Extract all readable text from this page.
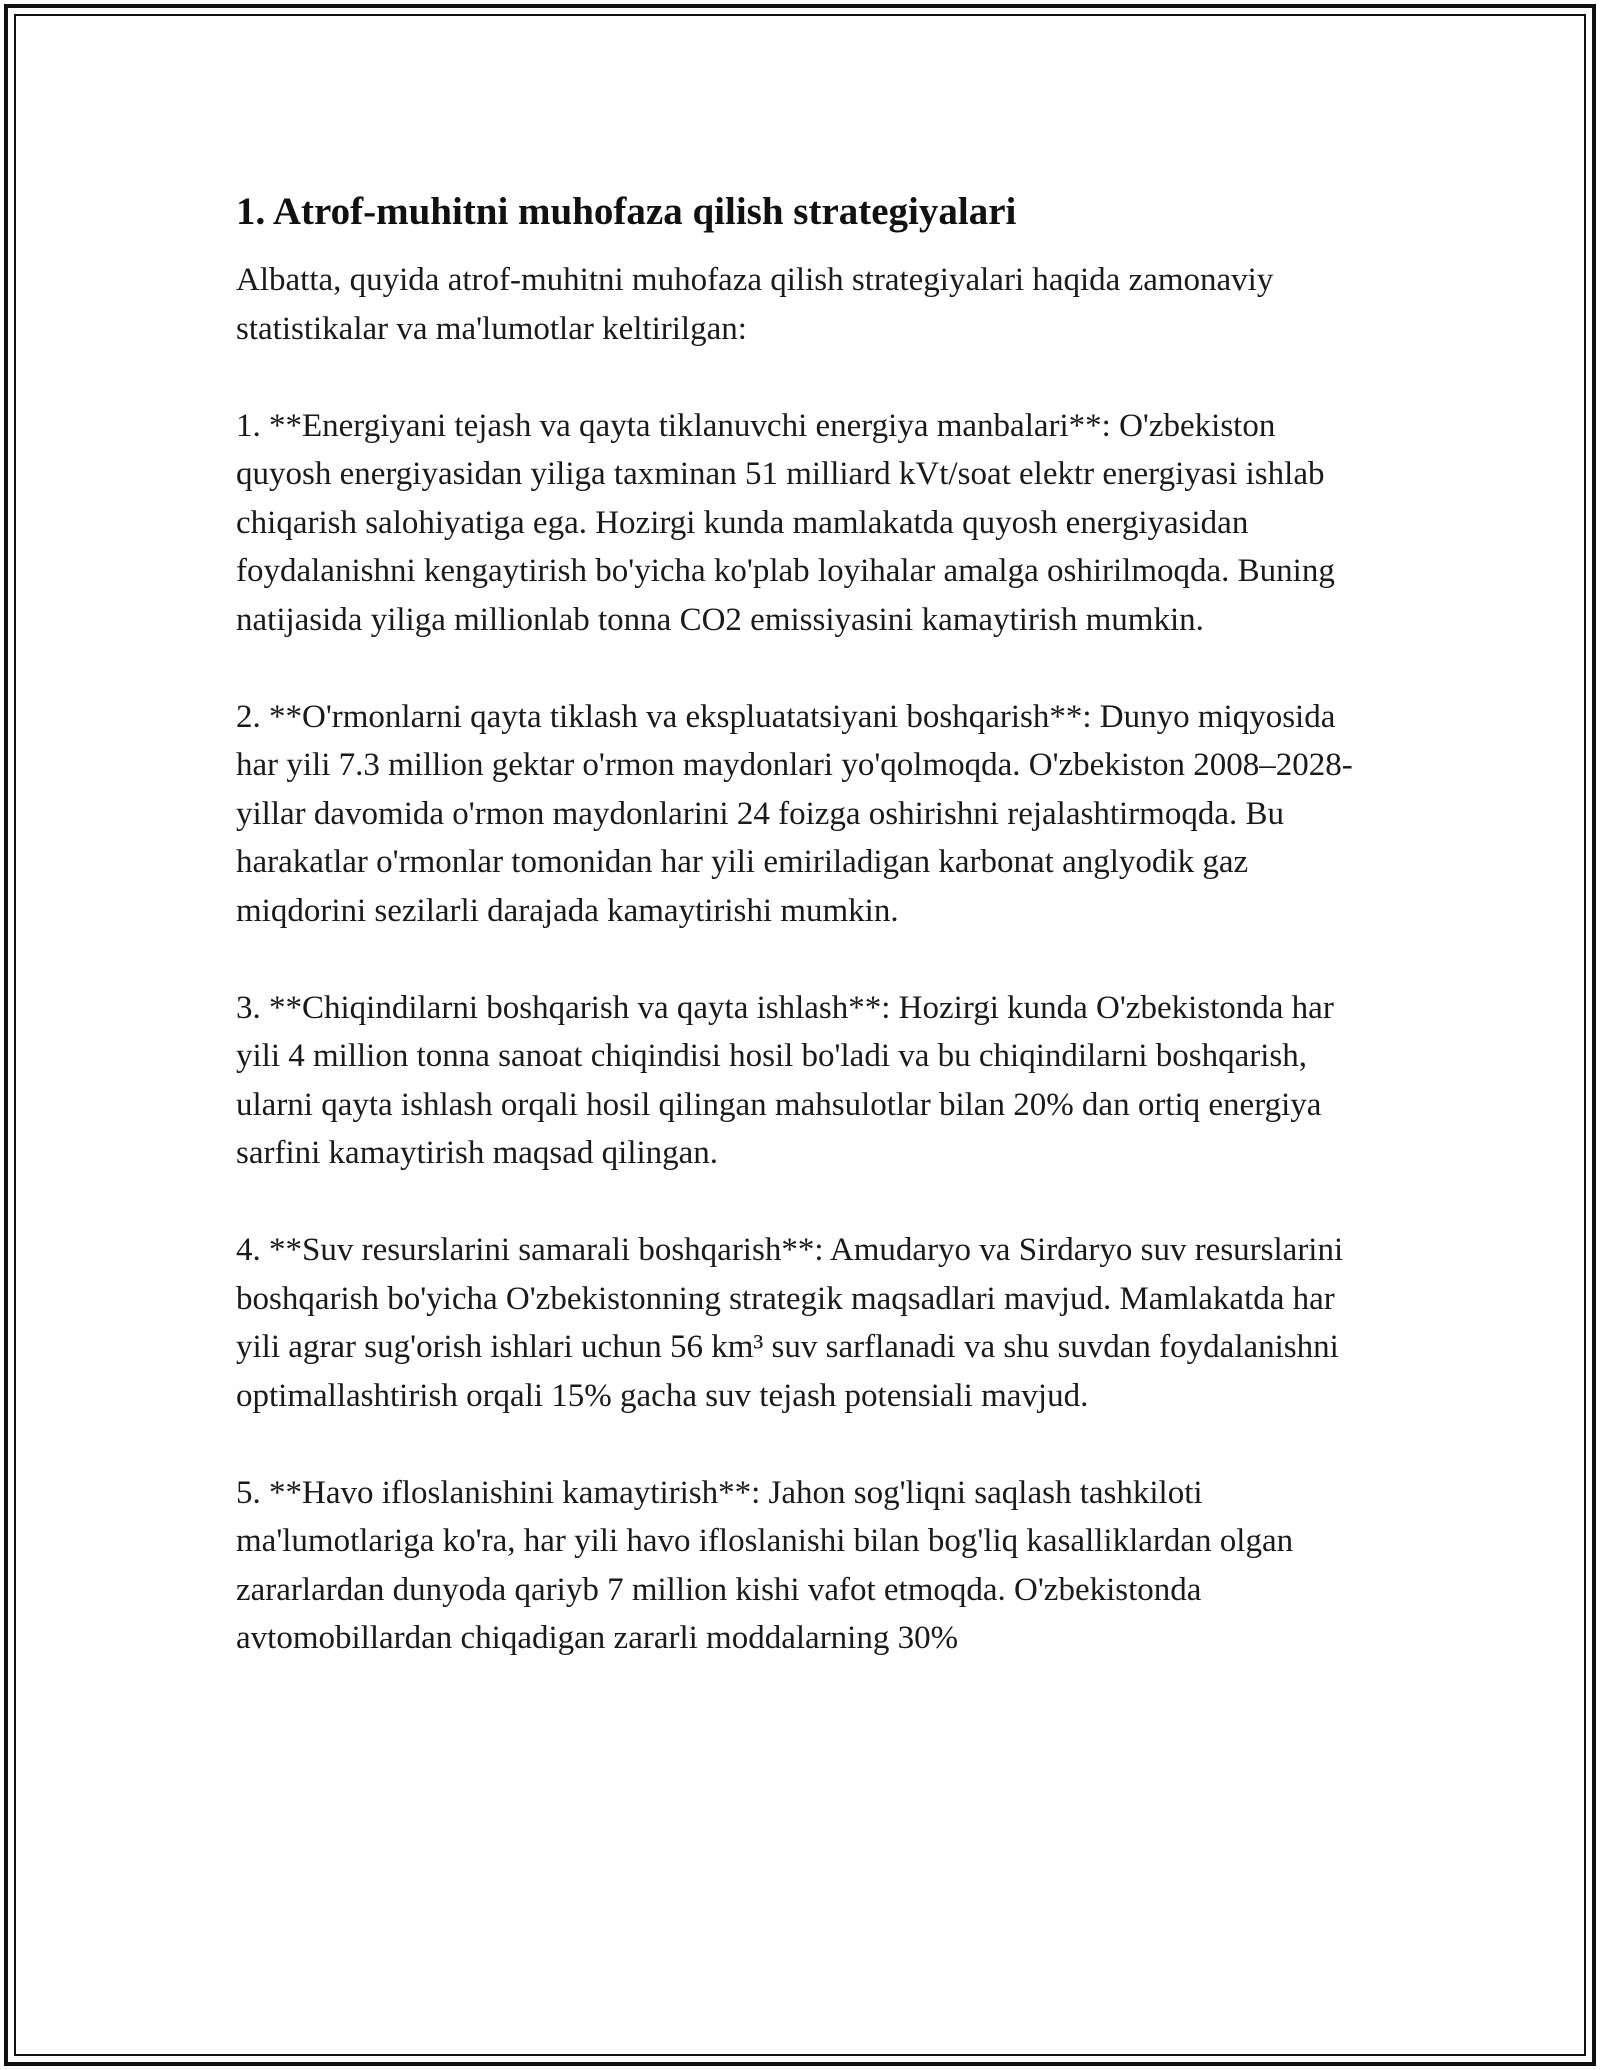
1. Atrof-muhitni muhofaza qilish strategiyalari

Albatta, quyida atrof-muhitni muhofaza qilish strategiyalari haqida zamonaviy statistikalar va ma'lumotlar keltirilgan:

1. **Energiyani tejash va qayta tiklanuvchi energiya manbalari**: O'zbekiston quyosh energiyasidan yiliga taxminan 51 milliard kVt/soat elektr energiyasi ishlab chiqarish salohiyatiga ega. Hozirgi kunda mamlakatda quyosh energiyasidan foydalanishni kengaytirish bo'yicha ko'plab loyihalar amalga oshirilmoqda. Buning natijasida yiliga millionlab tonna CO2 emissiyasini kamaytirish mumkin.

2. **O'rmonlarni qayta tiklash va ekspluatatsiyani boshqarish**: Dunyo miqyosida har yili 7.3 million gektar o'rmon maydonlari yo'qolmoqda. O'zbekiston 2008–2028-yillar davomida o'rmon maydonlarini 24 foizga oshirishni rejalashtirmoqda. Bu harakatlar o'rmonlar tomonidan har yili emiriladigan karbonat anglyodik gaz miqdorini sezilarli darajada kamaytirishi mumkin.

3. **Chiqindilarni boshqarish va qayta ishlash**: Hozirgi kunda O'zbekistonda har yili 4 million tonna sanoat chiqindisi hosil bo'ladi va bu chiqindilarni boshqarish, ularni qayta ishlash orqali hosil qilingan mahsulotlar bilan 20% dan ortiq energiya sarfini kamaytirish maqsad qilingan.

4. **Suv resurslarini samarali boshqarish**: Amudaryo va Sirdaryo suv resurslarini boshqarish bo'yicha O'zbekistonning strategik maqsadlari mavjud. Mamlakatda har yili agrar sug'orish ishlari uchun 56 km³ suv sarflanadi va shu suvdan foydalanishni optimallashtirish orqali 15% gacha suv tejash potensiali mavjud.

5. **Havo ifloslanishini kamaytirish**: Jahon sog'liqni saqlash tashkiloti ma'lumotlariga ko'ra, har yili havo ifloslanishi bilan bog'liq kasalliklardan olgan zararlardan dunyoda qariyb 7 million kishi vafot etmoqda. O'zbekistonda avtomobillardan chiqadigan zararli moddalarning 30%
